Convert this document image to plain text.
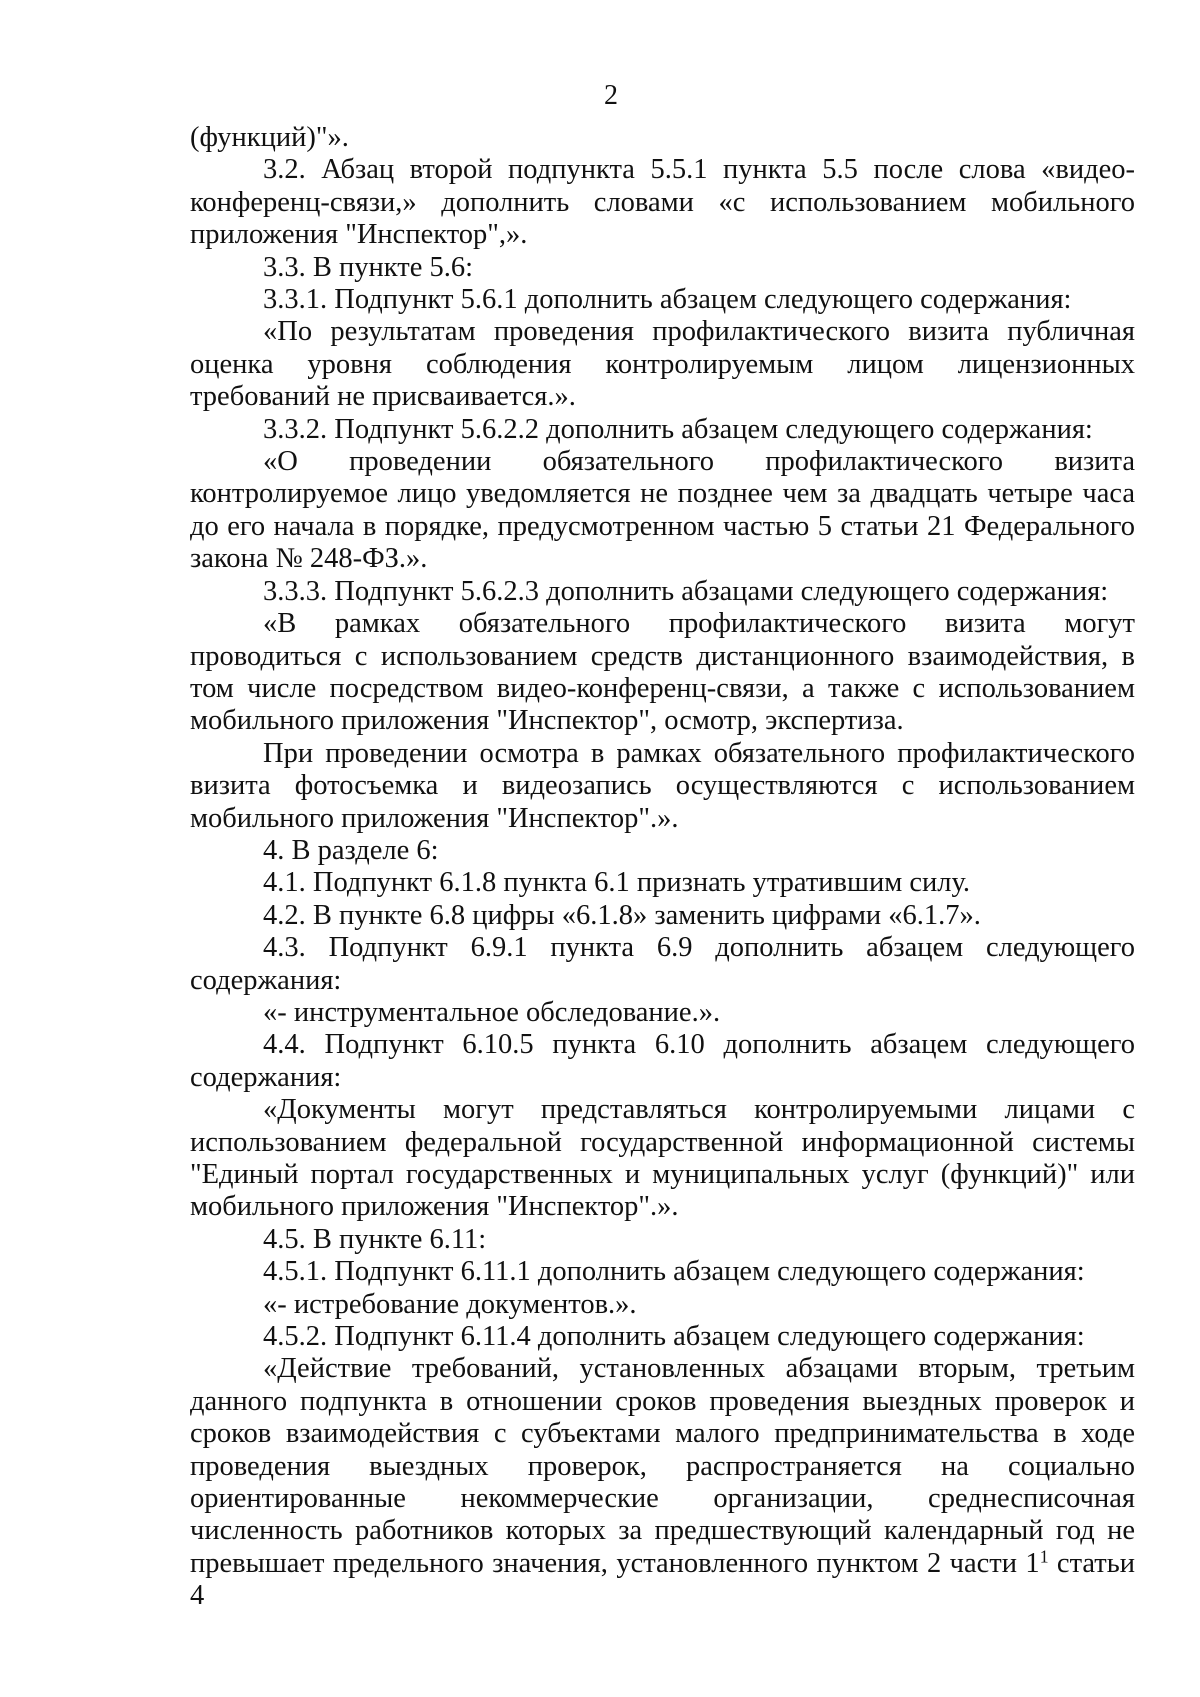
2

(функций)"».

3.2. Абзац второй подпункта 5.5.1 пункта 5.5 после слова «видео-конференц-связи,» дополнить словами «с использованием мобильного приложения "Инспектор",».

3.3. В пункте 5.6:

3.3.1. Подпункт 5.6.1 дополнить абзацем следующего содержания:

«По результатам проведения профилактического визита публичная оценка уровня соблюдения контролируемым лицом лицензионных требований не присваивается.».

3.3.2. Подпункт 5.6.2.2 дополнить абзацем следующего содержания:

«О проведении обязательного профилактического визита контролируемое лицо уведомляется не позднее чем за двадцать четыре часа до его начала в порядке, предусмотренном частью 5 статьи 21 Федерального закона № 248-ФЗ.».

3.3.3. Подпункт 5.6.2.3 дополнить абзацами следующего содержания:

«В рамках обязательного профилактического визита могут проводиться с использованием средств дистанционного взаимодействия, в том числе посредством видео-конференц-связи, а также с использованием мобильного приложения "Инспектор", осмотр, экспертиза.

При проведении осмотра в рамках обязательного профилактического визита фотосъемка и видеозапись осуществляются с использованием мобильного приложения "Инспектор".».

4. В разделе 6:

4.1. Подпункт 6.1.8 пункта 6.1 признать утратившим силу.

4.2. В пункте 6.8 цифры «6.1.8» заменить цифрами «6.1.7».

4.3. Подпункт 6.9.1 пункта 6.9 дополнить абзацем следующего содержания:

«- инструментальное обследование.».

4.4. Подпункт 6.10.5 пункта 6.10 дополнить абзацем следующего содержания:

«Документы могут представляться контролируемыми лицами с использованием федеральной государственной информационной системы "Единый портал государственных и муниципальных услуг (функций)" или мобильного приложения "Инспектор".».

4.5. В пункте 6.11:

4.5.1. Подпункт 6.11.1 дополнить абзацем следующего содержания:

«- истребование документов.».

4.5.2. Подпункт 6.11.4 дополнить абзацем следующего содержания:

«Действие требований, установленных абзацами вторым, третьим данного подпункта в отношении сроков проведения выездных проверок и сроков взаимодействия с субъектами малого предпринимательства в ходе проведения выездных проверок, распространяется на социально ориентированные некоммерческие организации, среднесписочная численность работников которых за предшествующий календарный год не превышает предельного значения, установленного пунктом 2 части $1^1$ статьи 4
